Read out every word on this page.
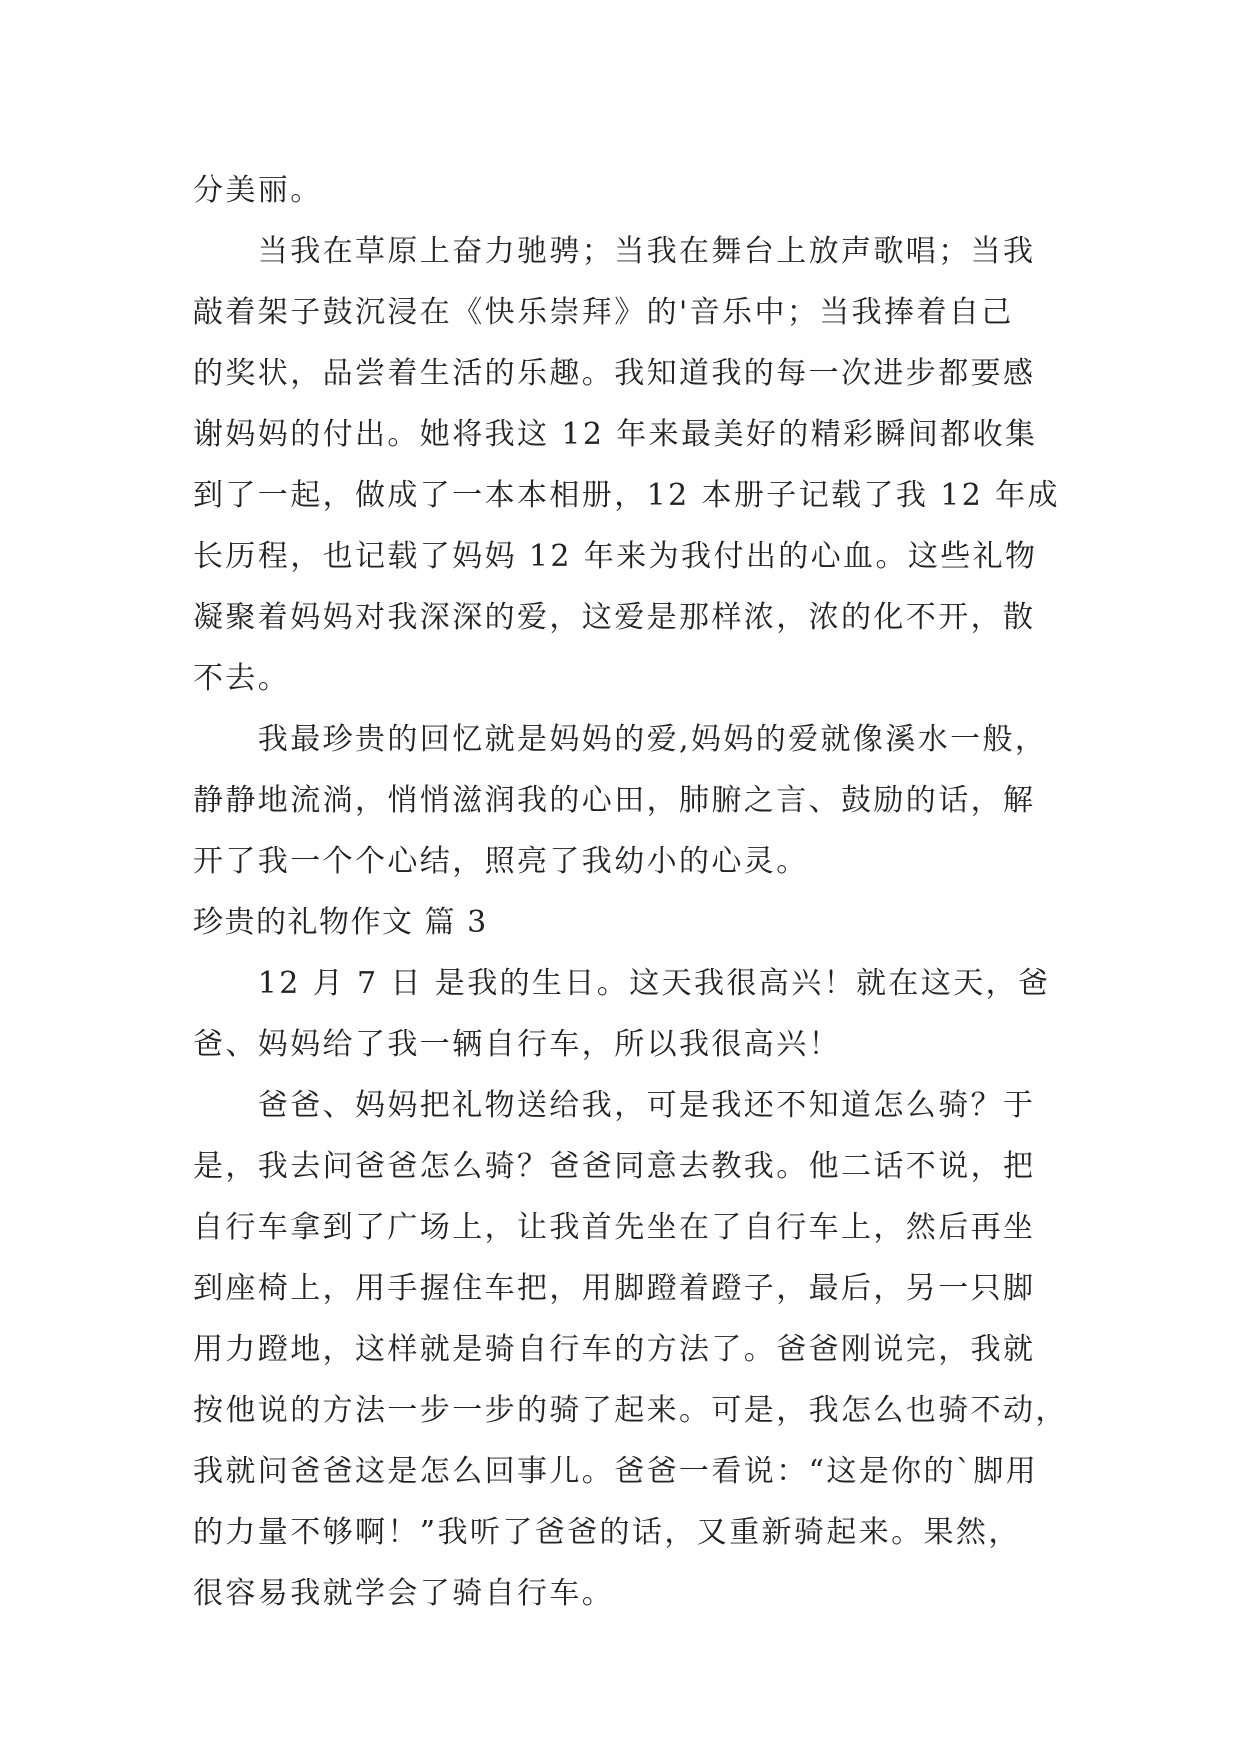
分美丽。
　　当我在草原上奋力驰骋；当我在舞台上放声歌唱；当我
敲着架子鼓沉浸在《快乐崇拜》的'音乐中；当我捧着自己
的奖状，品尝着生活的乐趣。我知道我的每一次进步都要感
谢妈妈的付出。她将我这 12 年来最美好的精彩瞬间都收集
到了一起，做成了一本本相册，12 本册子记载了我 12 年成
长历程，也记载了妈妈 12 年来为我付出的心血。这些礼物
凝聚着妈妈对我深深的爱，这爱是那样浓，浓的化不开，散
不去。
　　我最珍贵的回忆就是妈妈的爱,妈妈的爱就像溪水一般，
静静地流淌，悄悄滋润我的心田，肺腑之言、鼓励的话，解
开了我一个个心结，照亮了我幼小的心灵。
珍贵的礼物作文 篇 3
　　12 月 7 日 是我的生日。这天我很高兴！就在这天，爸
爸、妈妈给了我一辆自行车，所以我很高兴！
　　爸爸、妈妈把礼物送给我，可是我还不知道怎么骑？于
是，我去问爸爸怎么骑？爸爸同意去教我。他二话不说，把
自行车拿到了广场上，让我首先坐在了自行车上，然后再坐
到座椅上，用手握住车把，用脚蹬着蹬子，最后，另一只脚
用力蹬地，这样就是骑自行车的方法了。爸爸刚说完，我就
按他说的方法一步一步的骑了起来。可是，我怎么也骑不动，
我就问爸爸这是怎么回事儿。爸爸一看说：“这是你的`脚用
的力量不够啊！”我听了爸爸的话，又重新骑起来。果然，
很容易我就学会了骑自行车。
